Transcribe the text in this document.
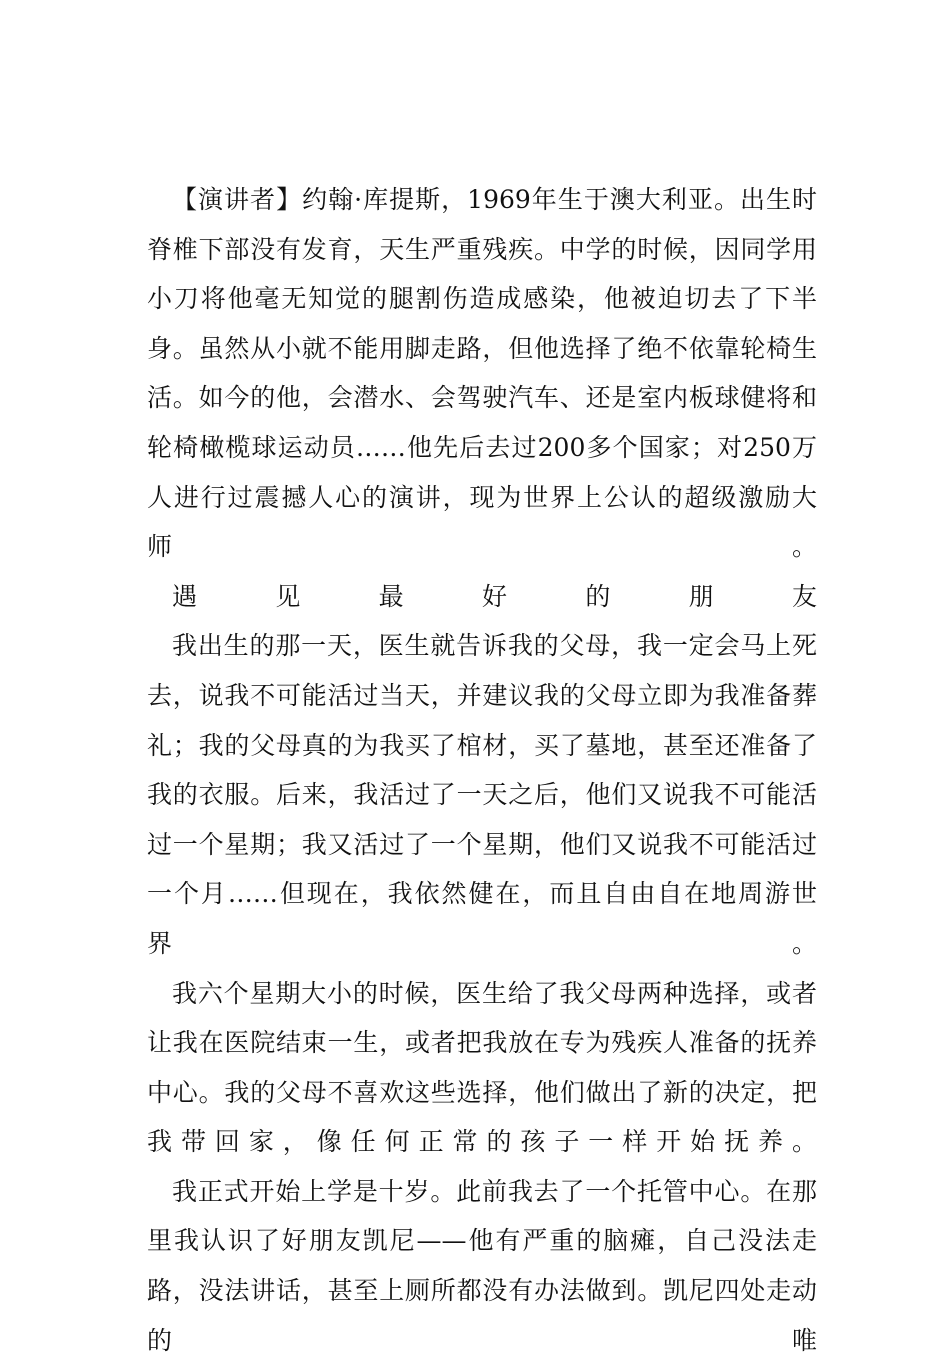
【演讲者】约翰·库提斯，1969年生于澳大利亚。出生时脊椎下部没有发育，天生严重残疾。中学的时候，因同学用小刀将他毫无知觉的腿割伤造成感染，他被迫切去了下半身。虽然从小就不能用脚走路，但他选择了绝不依靠轮椅生活。如今的他，会潜水、会驾驶汽车、还是室内板球健将和轮椅橄榄球运动员……他先后去过200多个国家；对250万人进行过震撼人心的演讲，现为世界上公认的超级激励大师。

遇见最好的朋友

我出生的那一天，医生就告诉我的父母，我一定会马上死去，说我不可能活过当天，并建议我的父母立即为我准备葬礼；我的父母真的为我买了棺材，买了墓地，甚至还准备了我的衣服。后来，我活过了一天之后，他们又说我不可能活过一个星期；我又活过了一个星期，他们又说我不可能活过一个月……但现在，我依然健在，而且自由自在地周游世界。

我六个星期大小的时候，医生给了我父母两种选择，或者让我在医院结束一生，或者把我放在专为残疾人准备的抚养中心。我的父母不喜欢这些选择，他们做出了新的决定，把我带回家，像任何正常的孩子一样开始抚养。

我正式开始上学是十岁。此前我去了一个托管中心。在那里我认识了好朋友凯尼——他有严重的脑瘫，自己没法走路，没法讲话，甚至上厕所都没有办法做到。凯尼四处走动的唯
